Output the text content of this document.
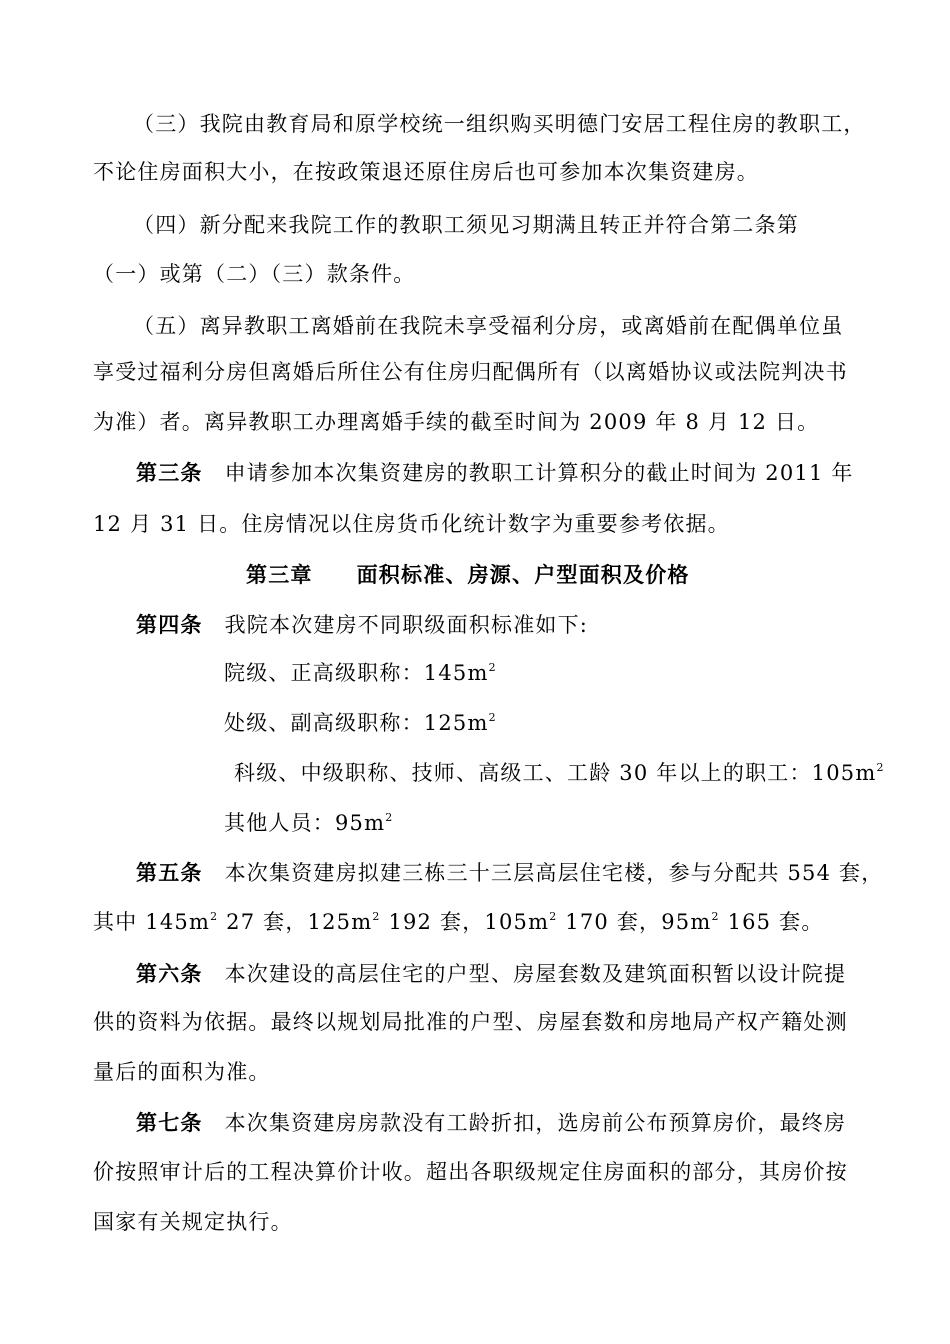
（三）我院由教育局和原学校统一组织购买明德门安居工程住房的教职工，
不论住房面积大小，在按政策退还原住房后也可参加本次集资建房。
（四）新分配来我院工作的教职工须见习期满且转正并符合第二条第
（一）或第（二）（三）款条件。
（五）离异教职工离婚前在我院未享受福利分房，或离婚前在配偶单位虽
享受过福利分房但离婚后所住公有住房归配偶所有（以离婚协议或法院判决书
为准）者。离异教职工办理离婚手续的截至时间为 2009 年 8 月 12 日。
第三条 申请参加本次集资建房的教职工计算积分的截止时间为 2011 年
12 月 31 日。住房情况以住房货币化统计数字为重要参考依据。
第三章 面积标准、房源、户型面积及价格
第四条 我院本次建房不同职级面积标准如下:
院级、正高级职称：$145m^2$
处级、副高级职称：$125m^2$
科级、中级职称、技师、高级工、工龄 30 年以上的职工：$105m^2$
其他人员：$95m^2$
第五条 本次集资建房拟建三栋三十三层高层住宅楼，参与分配共 554 套，
其中 $145m^2$ 27 套，$125m^2$ 192 套，$105m^2$ 170 套，$95m^2$ 165 套。
第六条 本次建设的高层住宅的户型、房屋套数及建筑面积暂以设计院提
供的资料为依据。最终以规划局批准的户型、房屋套数和房地局产权产籍处测
量后的面积为准。
第七条 本次集资建房房款没有工龄折扣，选房前公布预算房价，最终房
价按照审计后的工程决算价计收。超出各职级规定住房面积的部分，其房价按
国家有关规定执行。
